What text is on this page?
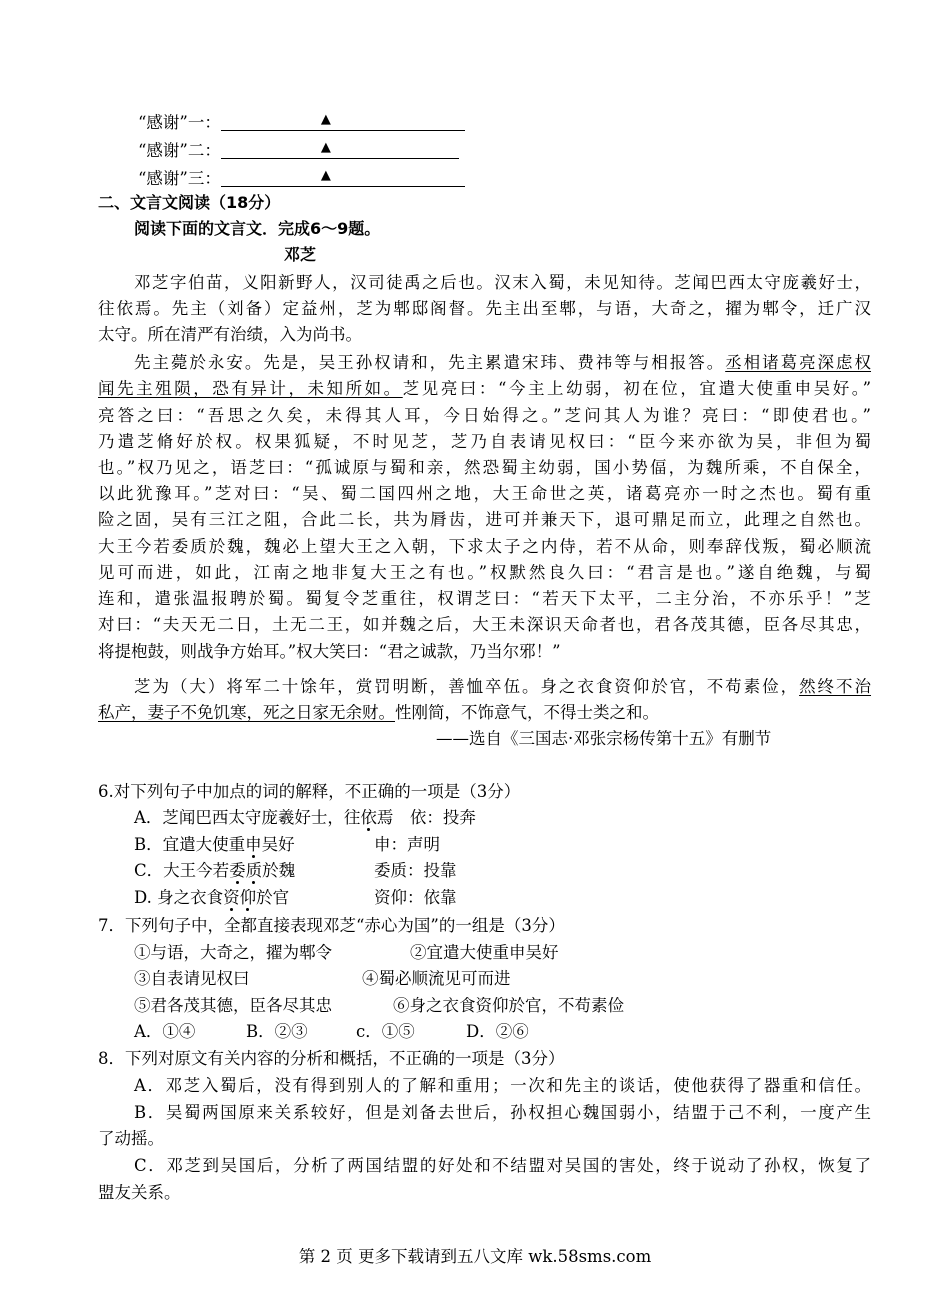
“感谢”一：	▲
“感谢”二：	▲
“感谢”三：	▲
二、文言文阅读（18分）
阅读下面的文言文．完成6～9题。
邓芝
邓芝字伯苗，义阳新野人，汉司徒禹之后也。汉末入蜀，未见知待。芝闻巴西太守庞羲好士，
往依焉。先主（刘备）定益州，芝为郫邸阁督。先主出至郫，与语，大奇之，擢为郫令，迁广汉
太守。所在清严有治绩，入为尚书。
先主薨於永安。先是，吴王孙权请和，先主累遣宋玮、费祎等与相报答。丞相诸葛亮深虑权
闻先主殂陨，恐有异计，未知所如。芝见亮曰：“今主上幼弱，初在位，宜遣大使重申吴好。”
亮答之曰：“吾思之久矣，未得其人耳，今日始得之。”芝问其人为谁？亮曰：“即使君也。”
乃遣芝脩好於权。权果狐疑，不时见芝，芝乃自表请见权曰：“臣今来亦欲为吴，非但为蜀
也。”权乃见之，语芝曰：“孤诚原与蜀和亲，然恐蜀主幼弱，国小势偪，为魏所乘，不自保全，
以此犹豫耳。”芝对曰：“吴、蜀二国四州之地，大王命世之英，诸葛亮亦一时之杰也。蜀有重
险之固，吴有三江之阻，合此二长，共为脣齿，进可并兼天下，退可鼎足而立，此理之自然也。
大王今若委质於魏，魏必上望大王之入朝，下求太子之内侍，若不从命，则奉辞伐叛，蜀必顺流
见可而进，如此，江南之地非复大王之有也。”权默然良久曰：“君言是也。”遂自绝魏，与蜀
连和，遣张温报聘於蜀。蜀复令芝重往，权谓芝曰：“若天下太平，二主分治，不亦乐乎！”芝
对曰：“夫天无二日，土无二王，如并魏之后，大王未深识天命者也，君各茂其德，臣各尽其忠，
将提枹鼓，则战争方始耳。”权大笑曰：“君之诚款，乃当尔邪！”
芝为（大）将军二十馀年，赏罚明断，善恤卒伍。身之衣食资仰於官，不苟素俭，然终不治
私产，妻子不免饥寒，死之日家无余财。性刚简，不饰意气，不得士类之和。
——选自《三国志·邓张宗杨传第十五》有删节
6.对下列句子中加点的词的解释，不正确的一项是（3分）
A．芝闻巴西太守庞羲好士，往依焉　依：投奔
B．宜遣大使重申吴好	申：声明
C．大王今若委质於魏	委质：投靠
D. 身之衣食资仰於官	资仰：依靠
7．下列句子中，全都直接表现邓芝“赤心为国”的一组是（3分）
①与语，大奇之，擢为郫令	②宜遣大使重申吴好
③自表请见权曰	④蜀必顺流见可而进
⑤君各茂其德，臣各尽其忠	⑥身之衣食资仰於官，不苟素俭
A．①④	B．②③	c．①⑤	D．②⑥
8．下列对原文有关内容的分析和概括，不正确的一项是（3分）
A．邓芝入蜀后，没有得到别人的了解和重用；一次和先主的谈话，使他获得了器重和信任。
B．吴蜀两国原来关系较好，但是刘备去世后，孙权担心魏国弱小，结盟于己不利，一度产生
了动摇。
C．邓芝到吴国后，分析了两国结盟的好处和不结盟对吴国的害处，终于说动了孙权，恢复了
盟友关系。
第 2 页 更多下载请到五八文库 wk.58sms.com
